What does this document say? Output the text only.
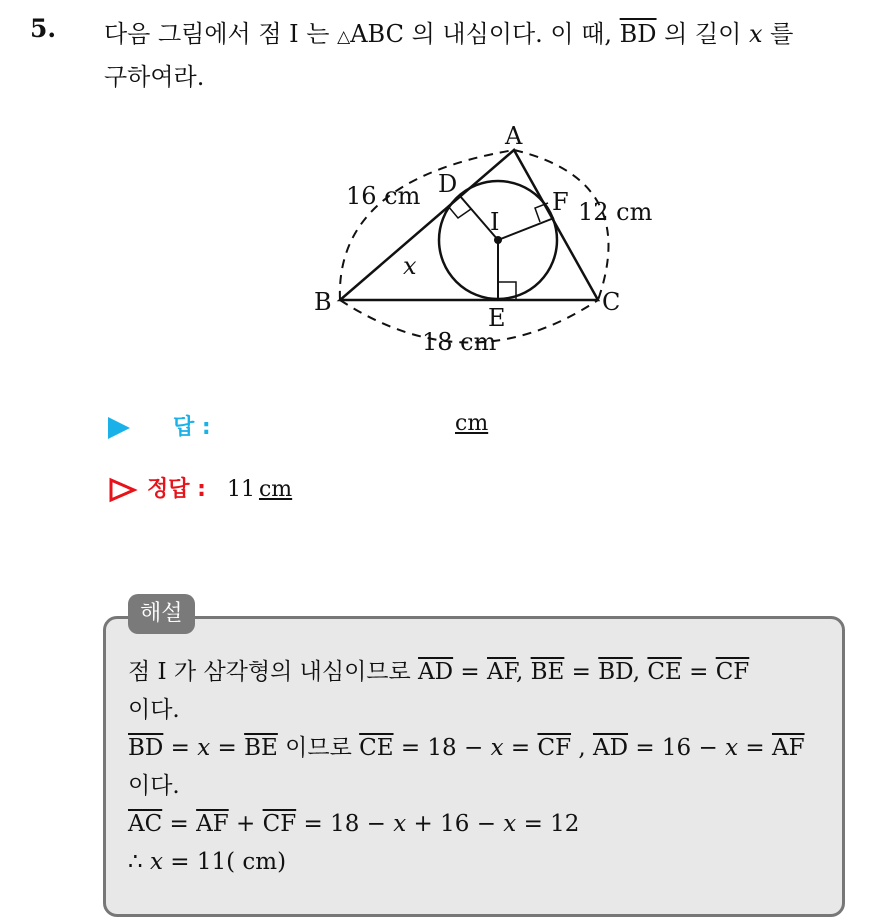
5. 다음 그림에서 점 I 는 △ABC 의 내심이다. 이 때, $\overline{BD}$ 의 길이 x 를
구하여라.
A
B	C
D
E
F
I
x
16 cm
12 cm
18 cm
답 :	cm
정답 : 11 cm
해설
점 I 가 삼각형의 내심이므로 $\overline{AD} = \overline{AF}$, $\overline{BE} = \overline{BD}$, $\overline{CE} = \overline{CF}$
이다.
$\overline{BD} = x = \overline{BE}$ 이므로 $\overline{CE} = 18 - x = \overline{CF}$ , $\overline{AD} = 16 - x = \overline{AF}$
이다.
$\overline{AC} = \overline{AF} + \overline{CF} = 18 - x + 16 - x = 12$
∴ x = 11( cm)
